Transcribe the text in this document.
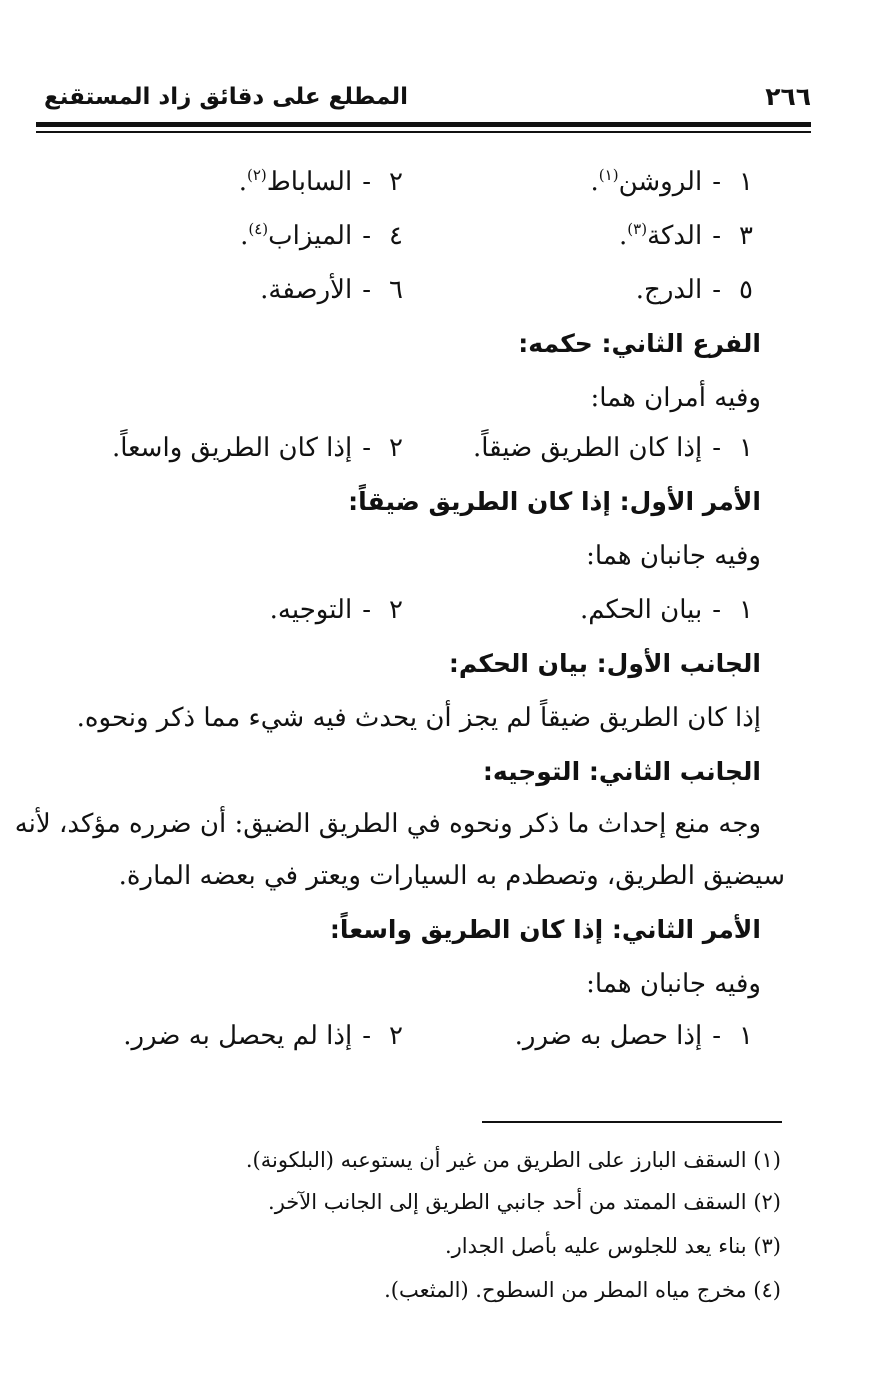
٢٦٦
المطلع على دقائق زاد المستقنع
١-الروشن$^{(١)}$.
٢-الساباط$^{(٢)}$.
٣-الدكة$^{(٣)}$.
٤-الميزاب$^{(٤)}$.
٥-الدرج.
٦-الأرصفة.
الفرع الثاني: حكمه:
وفيه أمران هما:
١-إذا كان الطريق ضيقاً.
٢-إذا كان الطريق واسعاً.
الأمر الأول: إذا كان الطريق ضيقاً:
وفيه جانبان هما:
١-بيان الحكم.
٢-التوجيه.
الجانب الأول: بيان الحكم:
إذا كان الطريق ضيقاً لم يجز أن يحدث فيه شيء مما ذكر ونحوه.
الجانب الثاني: التوجيه:
وجه منع إحداث ما ذكر ونحوه في الطريق الضيق: أن ضرره مؤكد، لأنه
سيضيق الطريق، وتصطدم به السيارات ويعتر في بعضه المارة.
الأمر الثاني: إذا كان الطريق واسعاً:
وفيه جانبان هما:
١-إذا حصل به ضرر.
٢-إذا لم يحصل به ضرر.
(١) السقف البارز على الطريق من غير أن يستوعبه (البلكونة).
(٢) السقف الممتد من أحد جانبي الطريق إلى الجانب الآخر.
(٣) بناء يعد للجلوس عليه بأصل الجدار.
(٤) مخرج مياه المطر من السطوح. (المثعب).
